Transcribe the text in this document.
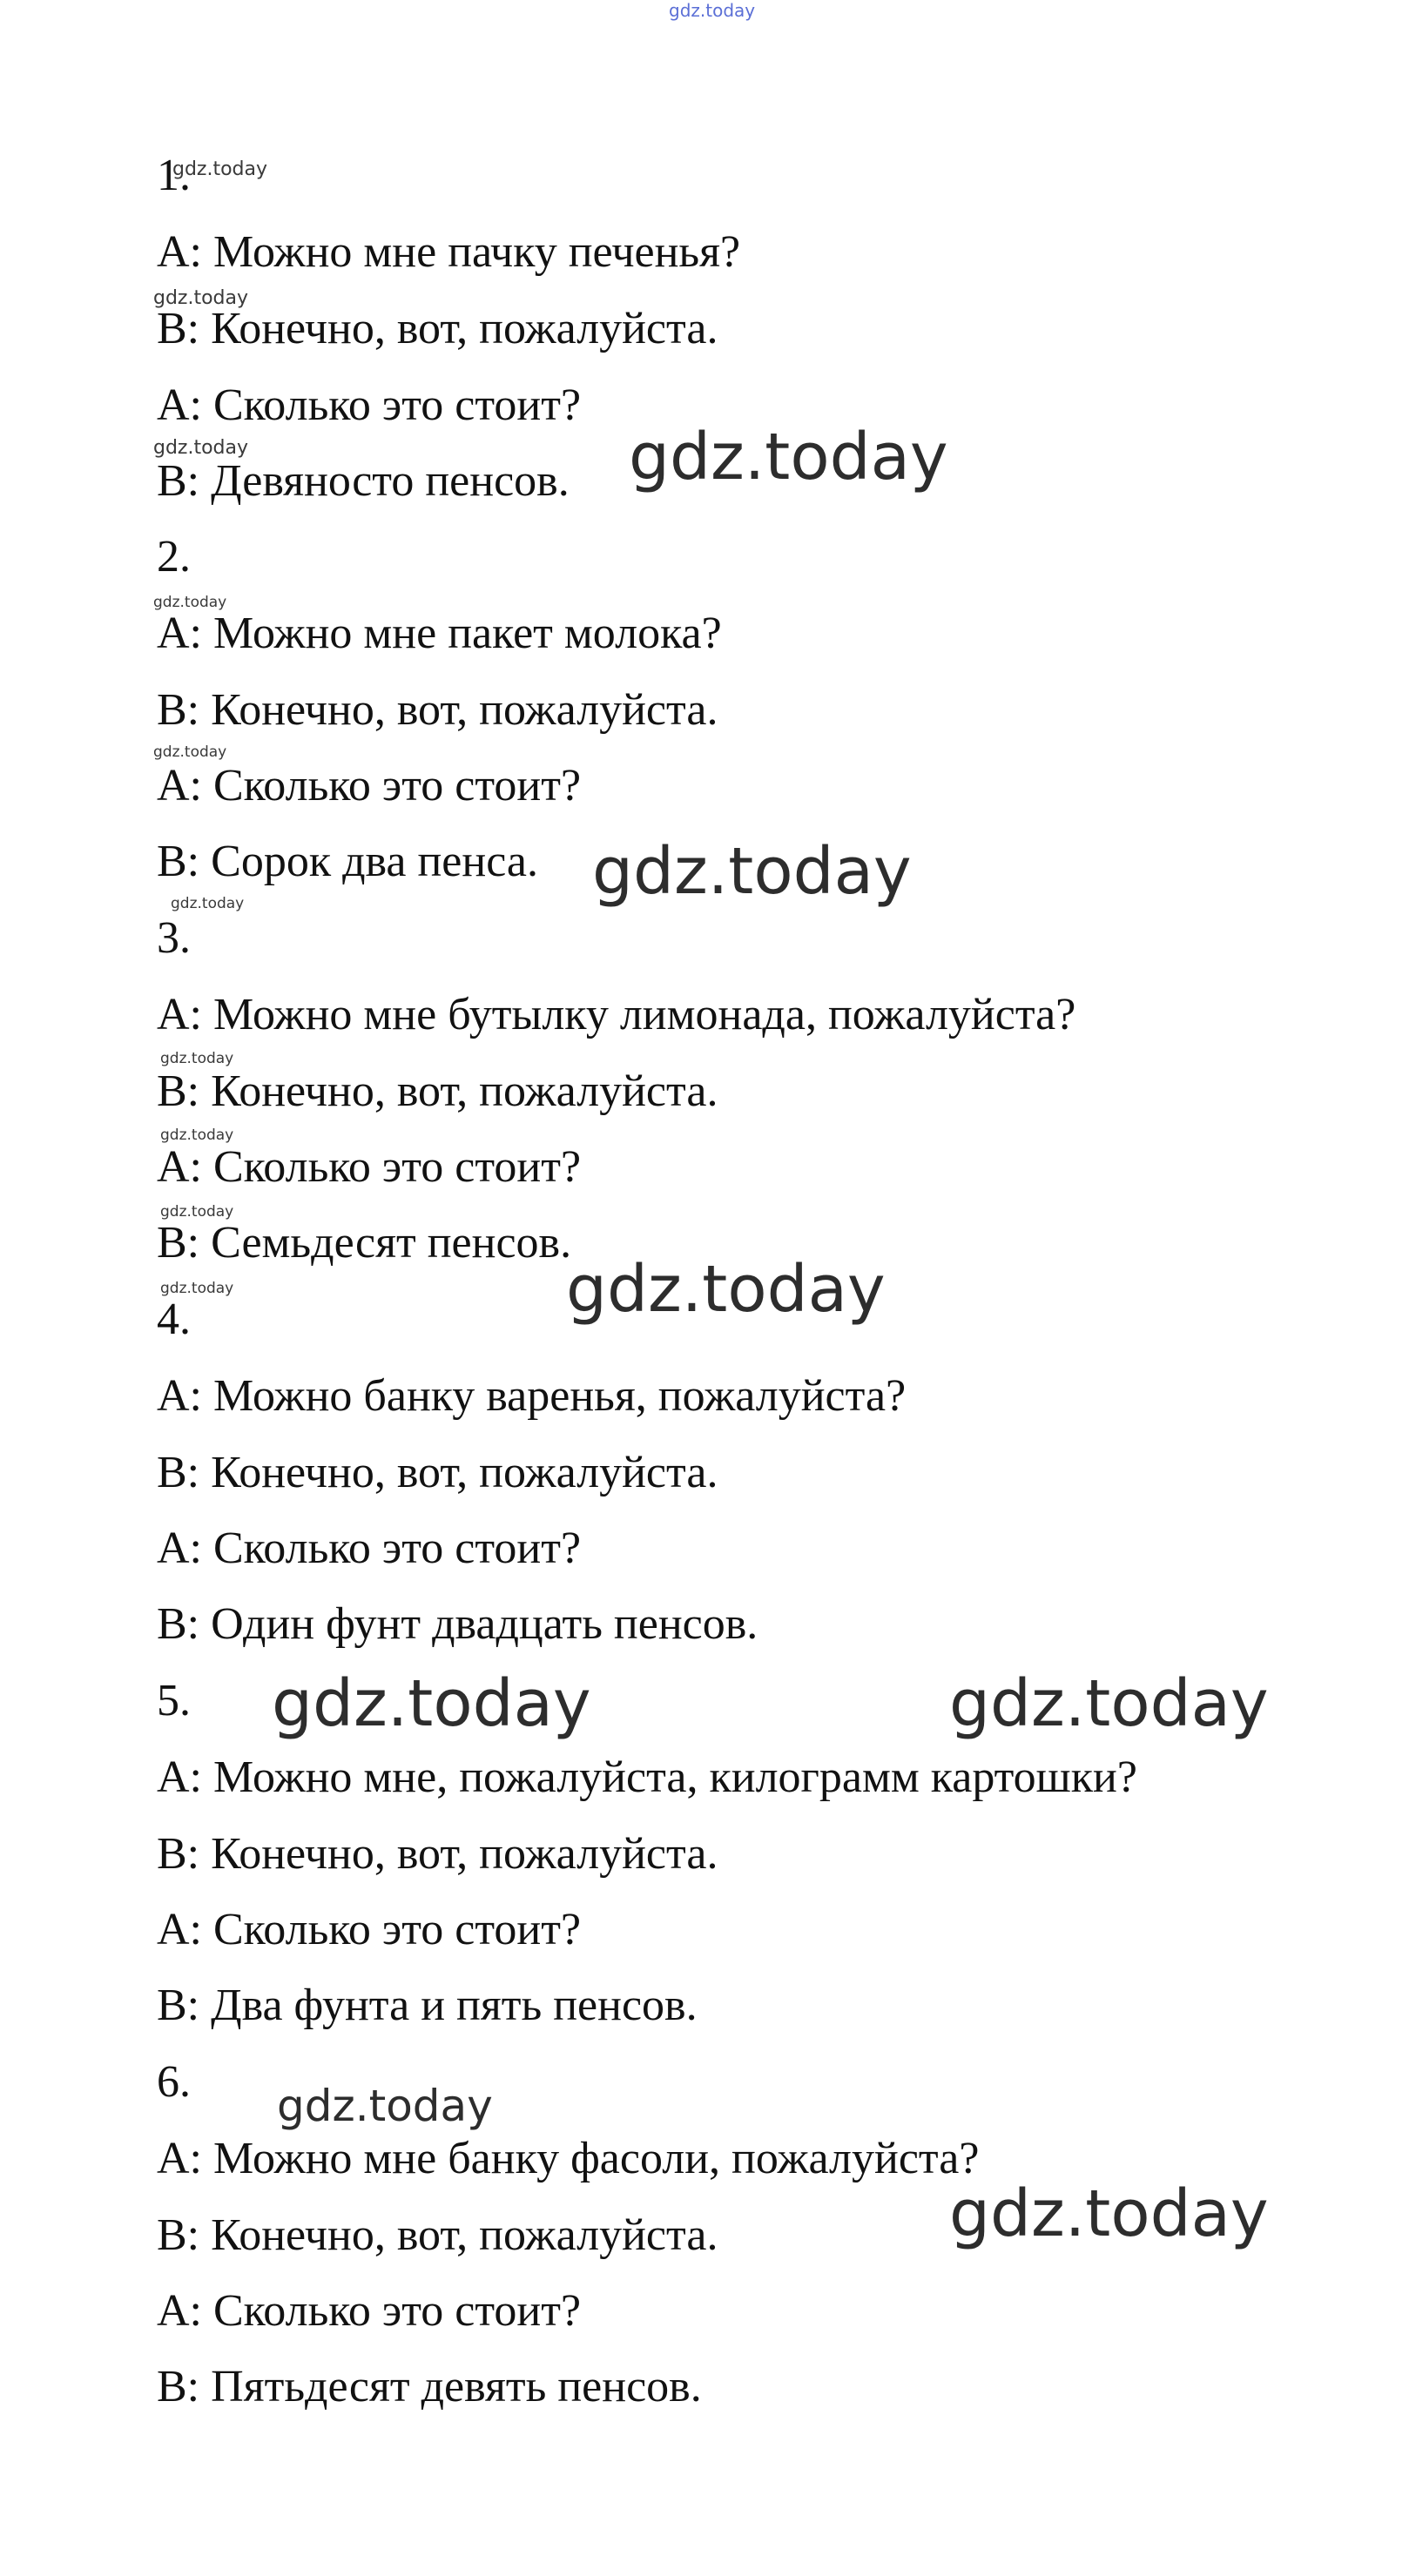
gdz.today
1.
A: Можно мне пачку печенья?
B: Конечно, вот, пожалуйста.
A: Сколько это стоит?
B: Девяносто пенсов.
2.
A: Можно мне пакет молока?
B: Конечно, вот, пожалуйста.
A: Сколько это стоит?
B: Сорок два пенса.
3.
A: Можно мне бутылку лимонада, пожалуйста?
B: Конечно, вот, пожалуйста.
A: Сколько это стоит?
B: Семьдесят пенсов.
4.
A: Можно банку варенья, пожалуйста?
B: Конечно, вот, пожалуйста.
A: Сколько это стоит?
B: Один фунт двадцать пенсов.
5.
A: Можно мне, пожалуйста, килограмм картошки?
B: Конечно, вот, пожалуйста.
A: Сколько это стоит?
B: Два фунта и пять пенсов.
6.
A: Можно мне банку фасоли, пожалуйста?
B: Конечно, вот, пожалуйста.
A: Сколько это стоит?
B: Пятьдесят девять пенсов.
gdz.today
gdz.today
gdz.today
gdz.today
gdz.today
gdz.today
gdz.today
gdz.today
gdz.today
gdz.today
gdz.today
gdz.today
gdz.today
gdz.today	gdz.today
gdz.today
gdz.today
